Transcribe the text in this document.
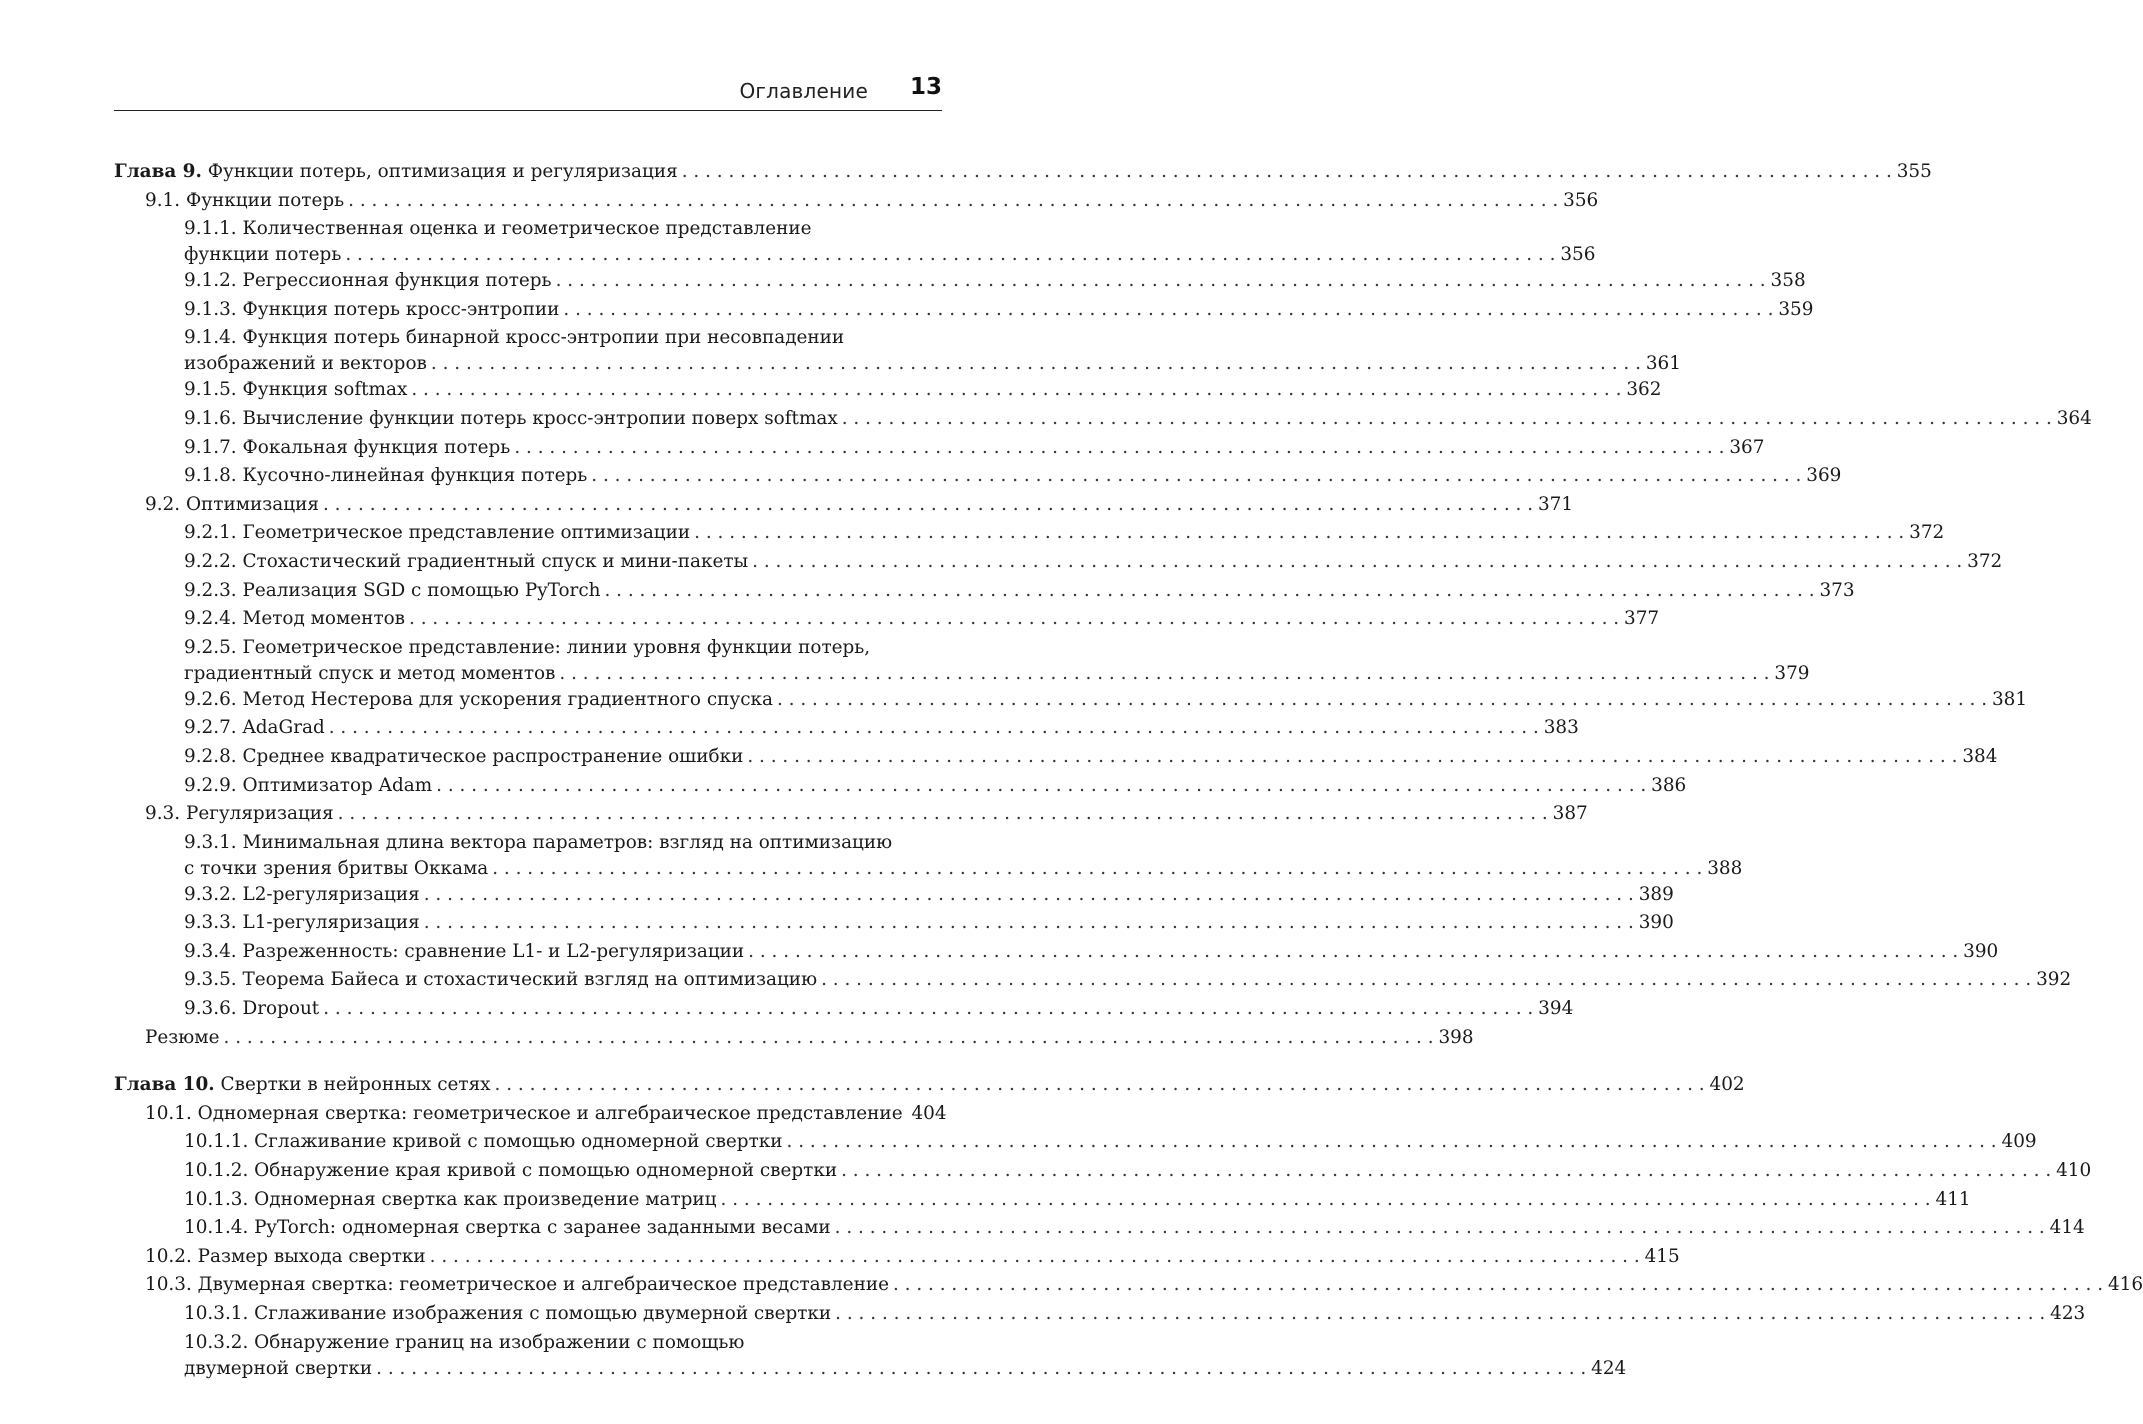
Оглавление 13
Глава 9.
Функции потерь, оптимизация и регуляризация . . .	355
9.1. Функции потерь . . .	356
9.1.1. Количественная оценка и геометрическое представление
функции потерь . . .	356
9.1.2. Регрессионная функция потерь . . .	358
9.1.3. Функция потерь кросс-энтропии . . .	359
9.1.4. Функция потерь бинарной кросс-энтропии при несовпадении
изображений и векторов . . .	361
9.1.5. Функция softmax . . .	362
9.1.6. Вычисление функции потерь кросс-энтропии поверх softmax . . .	364
9.1.7. Фокальная функция потерь . . .	367
9.1.8. Кусочно-линейная функция потерь . . .	369
9.2. Оптимизация . . .	371
9.2.1. Геометрическое представление оптимизации . . .	372
9.2.2. Стохастический градиентный спуск и мини-пакеты . . .	372
9.2.3. Реализация SGD с помощью PyTorch . . .	373
9.2.4. Метод моментов . . .	377
9.2.5. Геометрическое представление: линии уровня функции потерь,
градиентный спуск и метод моментов . . .	379
9.2.6. Метод Нестерова для ускорения градиентного спуска . . .	381
9.2.7. AdaGrad . . .	383
9.2.8. Среднее квадратическое распространение ошибки . . .	384
9.2.9. Оптимизатор Adam . . .	386
9.3. Регуляризация . . .	387
9.3.1. Минимальная длина вектора параметров: взгляд на оптимизацию
с точки зрения бритвы Оккама . . .	388
9.3.2. L2-регуляризация . . .	389
9.3.3. L1-регуляризация . . .	390
9.3.4. Разреженность: сравнение L1- и L2-регуляризации . . .	390
9.3.5. Теорема Байеса и стохастический взгляд на оптимизацию . . .	392
9.3.6. Dropout . . .	394
Резюме . . .	398
Глава 10.
Свертки в нейронных сетях . . .	402
10.1. Одномерная свертка: геометрическое и алгебраическое представление 404
10.1.1. Сглаживание кривой с помощью одномерной свертки . . .	409
10.1.2. Обнаружение края кривой с помощью одномерной свертки . . .	410
10.1.3. Одномерная свертка как произведение матриц . . .	411
10.1.4. PyTorch: одномерная свертка с заранее заданными весами . . .	414
10.2. Размер выхода свертки . . .	415
10.3. Двумерная свертка: геометрическое и алгебраическое представление . . .	416
10.3.1. Сглаживание изображения с помощью двумерной свертки . . .	423
10.3.2. Обнаружение границ на изображении с помощью
двумерной свертки . . .	424
